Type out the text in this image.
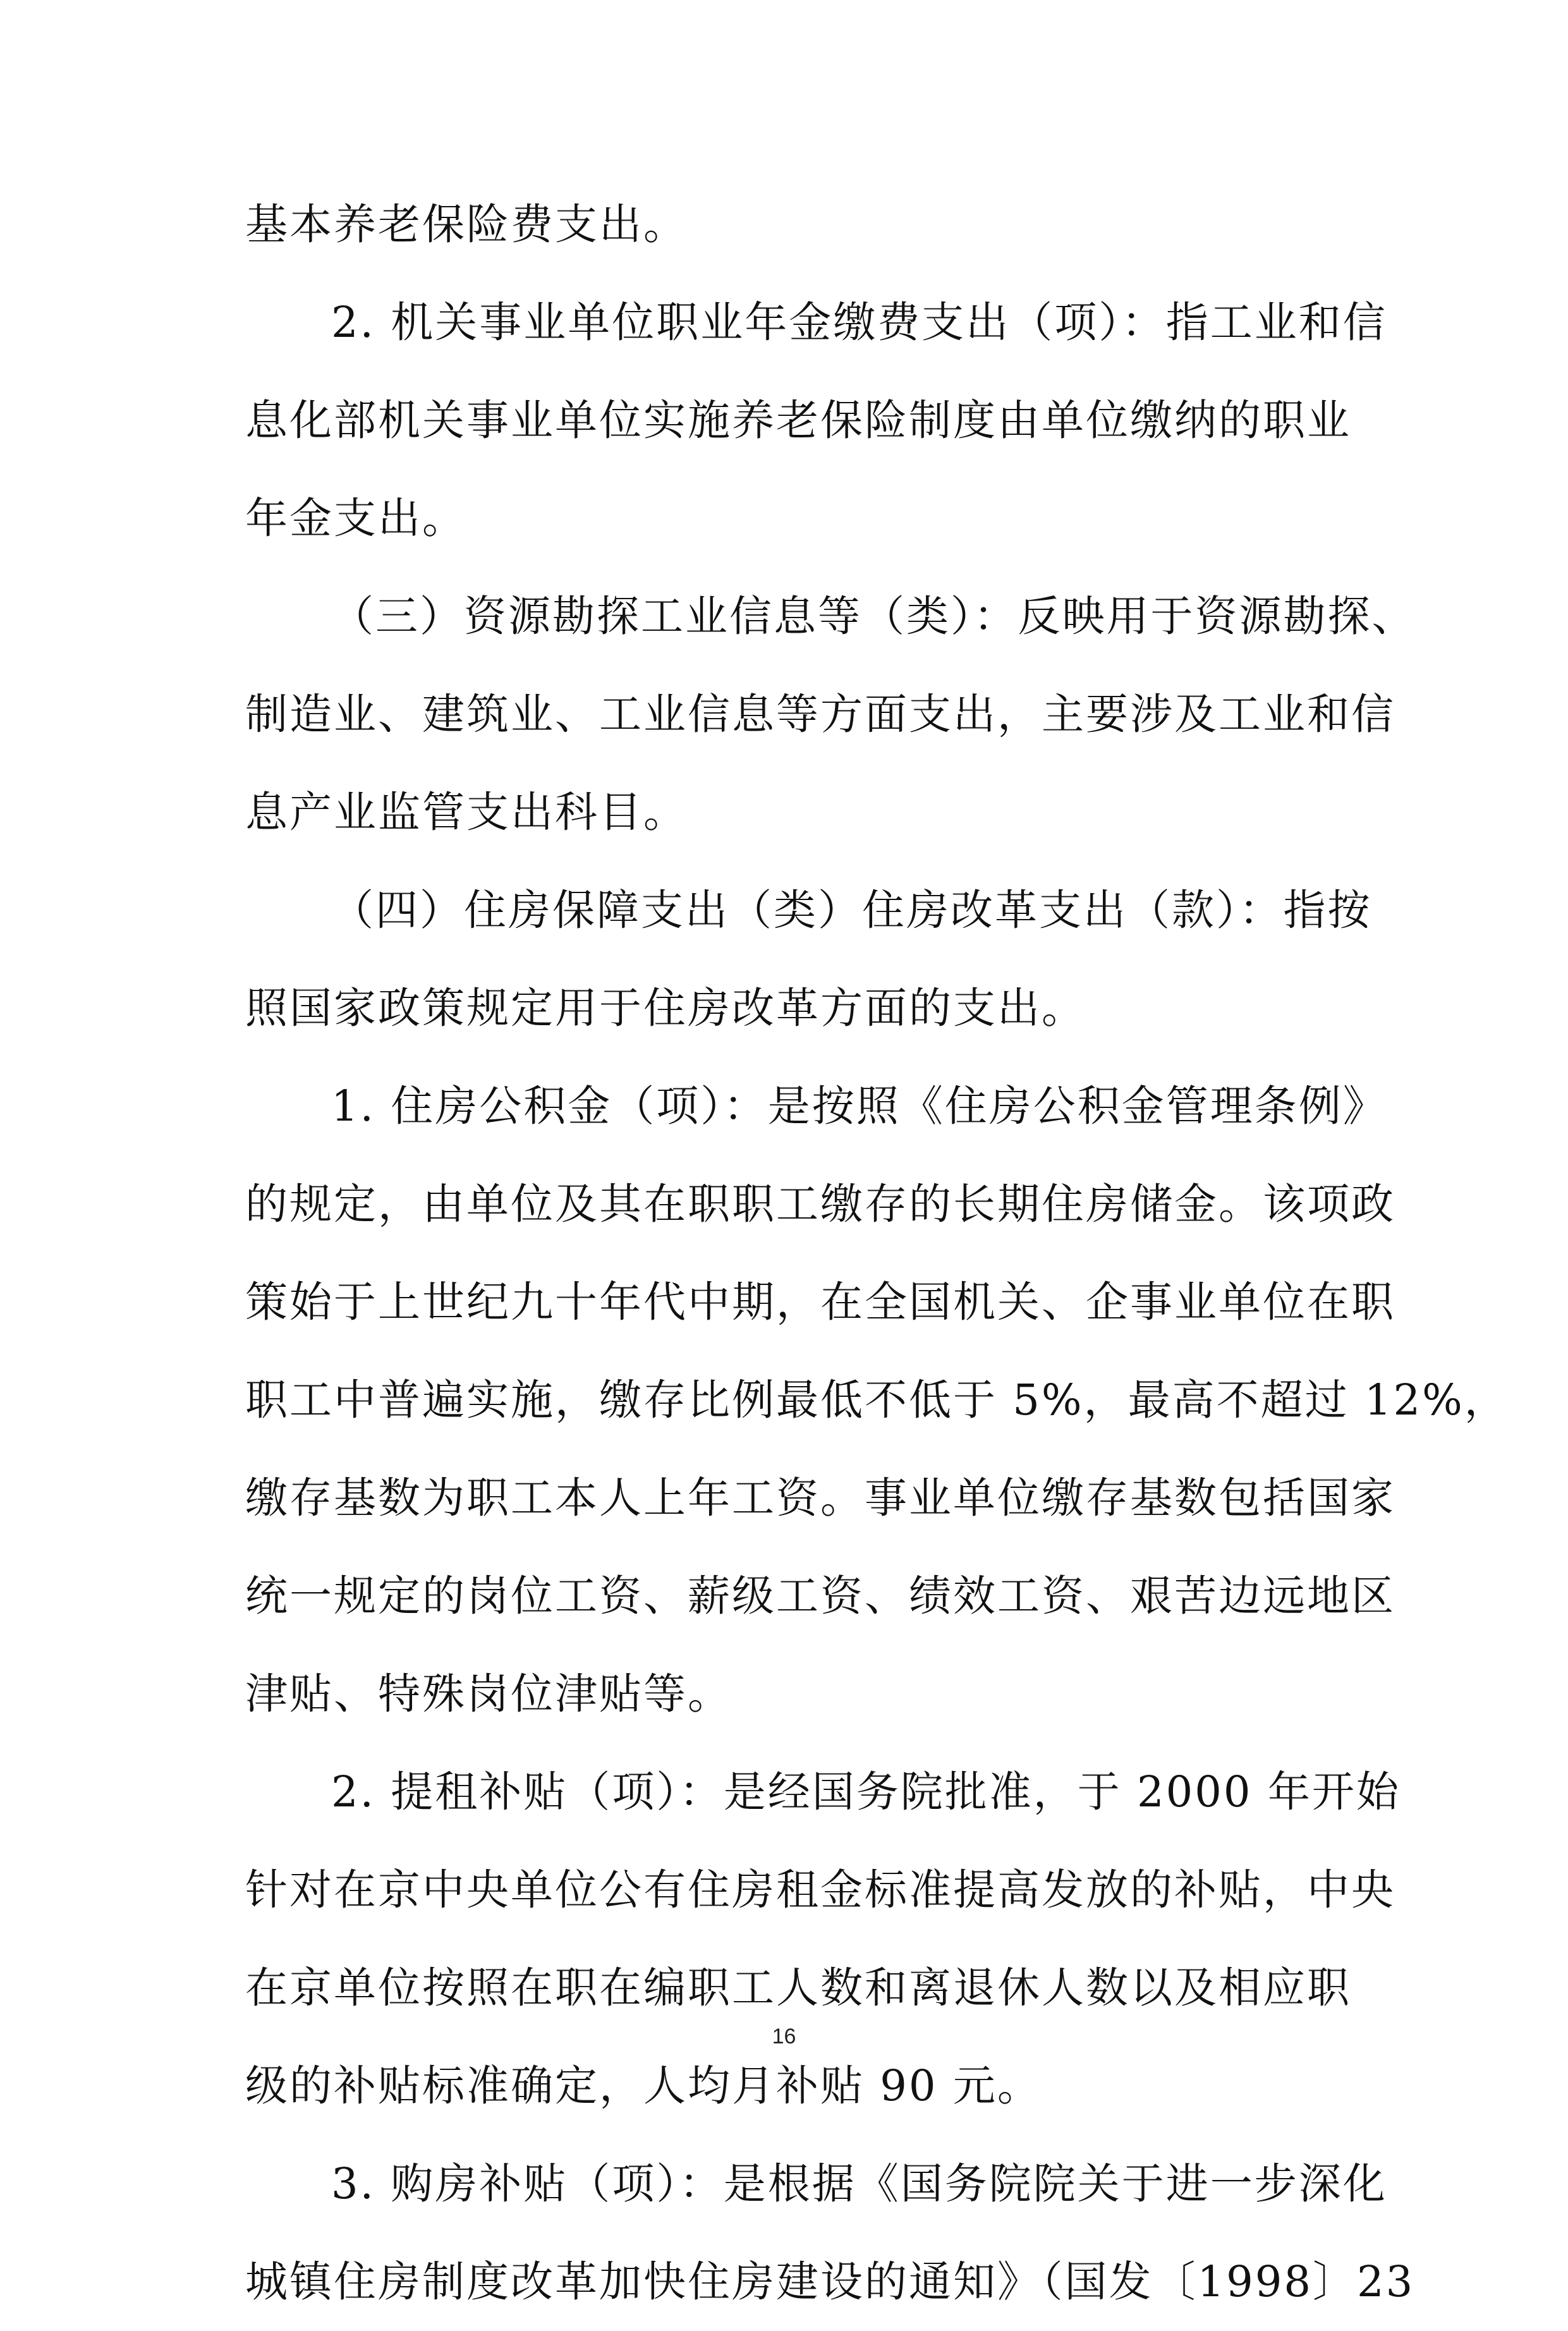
基本养老保险费支出。
2. 机关事业单位职业年金缴费支出（项）：指工业和信
息化部机关事业单位实施养老保险制度由单位缴纳的职业
年金支出。
（三）资源勘探工业信息等（类）：反映用于资源勘探、
制造业、建筑业、工业信息等方面支出，主要涉及工业和信
息产业监管支出科目。
（四）住房保障支出（类）住房改革支出（款）：指按
照国家政策规定用于住房改革方面的支出。
1. 住房公积金（项）：是按照《住房公积金管理条例》
的规定，由单位及其在职职工缴存的长期住房储金。该项政
策始于上世纪九十年代中期，在全国机关、企事业单位在职
职工中普遍实施，缴存比例最低不低于 5%，最高不超过 12%，
缴存基数为职工本人上年工资。事业单位缴存基数包括国家
统一规定的岗位工资、薪级工资、绩效工资、艰苦边远地区
津贴、特殊岗位津贴等。
2. 提租补贴（项）：是经国务院批准，于 2000 年开始
针对在京中央单位公有住房租金标准提高发放的补贴，中央
在京单位按照在职在编职工人数和离退休人数以及相应职
级的补贴标准确定，人均月补贴 90 元。
3. 购房补贴（项）：是根据《国务院院关于进一步深化
城镇住房制度改革加快住房建设的通知》（国发〔1998〕23
16
